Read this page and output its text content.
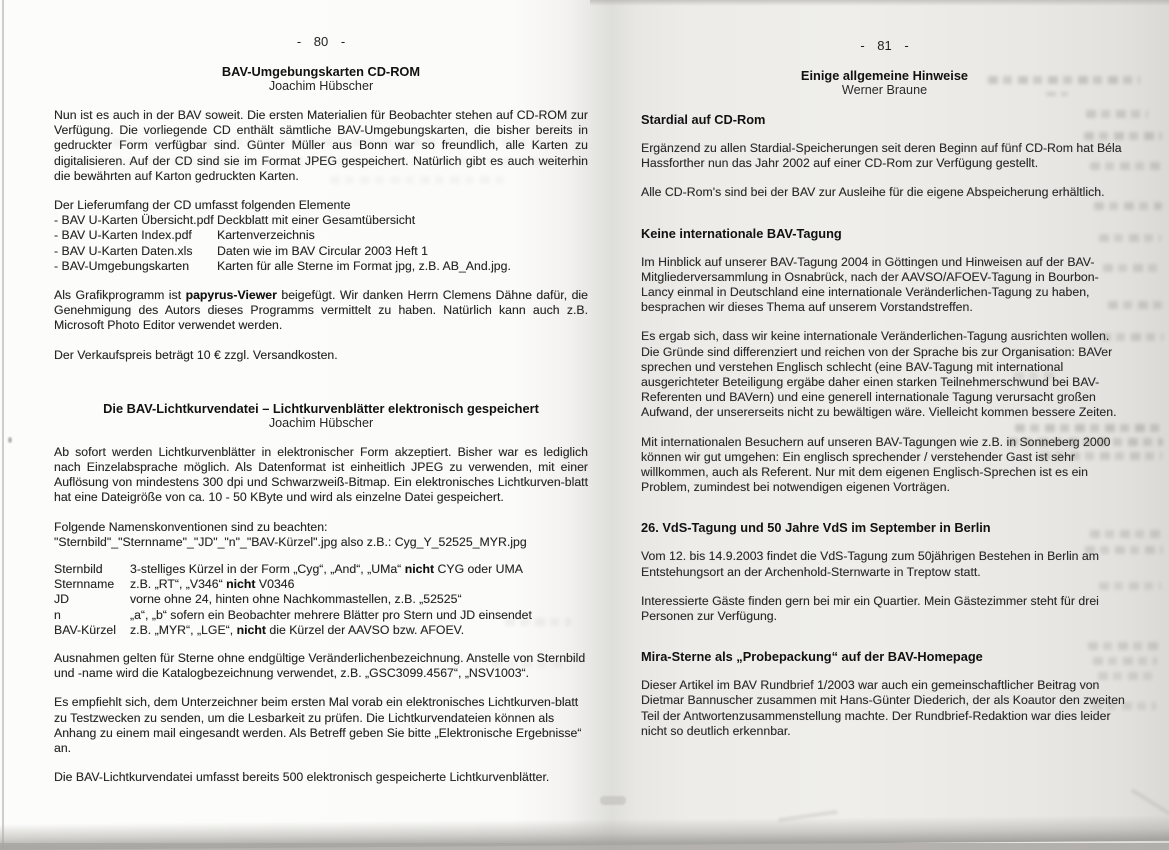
- 80 -
BAV-Umgebungskarten CD-ROM
Joachim Hübscher

Nun ist es auch in der BAV soweit. Die ersten Materialien für Beobachter stehen auf CD-ROM zur Verfügung. Die vorliegende CD enthält sämtliche BAV-Umgebungskarten, die bisher bereits in gedruckter Form verfügbar sind. Günter Müller aus Bonn war so freundlich, alle Karten zu digitalisieren. Auf der CD sind sie im Format JPEG gespeichert. Natürlich gibt es auch weiterhin die bewährten auf Karton gedruckten Karten.

Der Lieferumfang der CD umfasst folgenden Elemente

- BAV U-Karten Übersicht.pdf Deckblatt mit einer Gesamtübersicht
- BAV U-Karten Index.pdf	Kartenverzeichnis
- BAV U-Karten Daten.xls	Daten wie im BAV Circular 2003 Heft 1
- BAV-Umgebungskarten	Karten für alle Sterne im Format jpg, z.B. AB_And.jpg.

Als Grafikprogramm ist papyrus-Viewer beigefügt. Wir danken Herrn Clemens Dähne dafür, die Genehmigung des Autors dieses Programms vermittelt zu haben. Natürlich kann auch z.B. Microsoft Photo Editor verwendet werden.

Der Verkaufspreis beträgt 10 € zzgl. Versandkosten.

Die BAV-Lichtkurvendatei – Lichtkurvenblätter elektronisch gespeichert
Joachim Hübscher

Ab sofort werden Lichtkurvenblätter in elektronischer Form akzeptiert. Bisher war es lediglich nach Einzelabsprache möglich. Als Datenformat ist einheitlich JPEG zu verwenden, mit einer Auflösung von mindestens 300 dpi und Schwarzweiß-Bitmap. Ein elektronisches Lichtkurven-blatt hat eine Dateigröße von ca. 10 - 50 KByte und wird als einzelne Datei gespeichert.

Folgende Namenskonventionen sind zu beachten:

"Sternbild"_"Sternname"_"JD"_"n"_"BAV-Kürzel".jpg also z.B.: Cyg_Y_52525_MYR.jpg

Sternbild	3-stelliges Kürzel in der Form „Cyg“, „And“, „UMa“ nicht CYG oder UMA
Sternname	z.B. „RT“, „V346“ nicht V0346
JD	vorne ohne 24, hinten ohne Nachkommastellen, z.B. „52525“
n	„a“, „b“ sofern ein Beobachter mehrere Blätter pro Stern und JD einsendet
BAV-Kürzel	z.B. „MYR“, „LGE“, nicht die Kürzel der AAVSO bzw. AFOEV.

Ausnahmen gelten für Sterne ohne endgültige Veränderlichenbezeichnung. Anstelle von Sternbild und -name wird die Katalogbezeichnung verwendet, z.B. „GSC3099.4567“, „NSV1003“.

Es empfiehlt sich, dem Unterzeichner beim ersten Mal vorab ein elektronisches Lichtkurven-blatt zu Testzwecken zu senden, um die Lesbarkeit zu prüfen. Die Lichtkurvendateien können als Anhang zu einem mail eingesandt werden. Als Betreff geben Sie bitte „Elektronische Ergebnisse“ an.

Die BAV-Lichtkurvendatei umfasst bereits 500 elektronisch gespeicherte Lichtkurvenblätter.

- 81 -
Einige allgemeine Hinweise
Werner Braune
Stardial auf CD-Rom

Ergänzend zu allen Stardial-Speicherungen seit deren Beginn auf fünf CD-Rom hat Béla Hassforther nun das Jahr 2002 auf einer CD-Rom zur Verfügung gestellt.

Alle CD-Rom's sind bei der BAV zur Ausleihe für die eigene Abspeicherung erhältlich.

Keine internationale BAV-Tagung

Im Hinblick auf unserer BAV-Tagung 2004 in Göttingen und Hinweisen auf der BAV-Mitgliederversammlung in Osnabrück, nach der AAVSO/AFOEV-Tagung in Bourbon-Lancy einmal in Deutschland eine internationale Veränderlichen-Tagung zu haben, besprachen wir dieses Thema auf unserem Vorstandstreffen.

Es ergab sich, dass wir keine internationale Veränderlichen-Tagung ausrichten wollen. Die Gründe sind differenziert und reichen von der Sprache bis zur Organisation: BAVer sprechen und verstehen Englisch schlecht (eine BAV-Tagung mit international ausgerichteter Beteiligung ergäbe daher einen starken Teilnehmerschwund bei BAV-Referenten und BAVern) und eine generell internationale Tagung verursacht großen Aufwand, der unsererseits nicht zu bewältigen wäre. Vielleicht kommen bessere Zeiten.

Mit internationalen Besuchern auf unseren BAV-Tagungen wie z.B. in Sonneberg 2000 können wir gut umgehen: Ein englisch sprechender / verstehender Gast ist sehr willkommen, auch als Referent. Nur mit dem eigenen Englisch-Sprechen ist es ein Problem, zumindest bei notwendigen eigenen Vorträgen.

26. VdS-Tagung und 50 Jahre VdS im September in Berlin

Vom 12. bis 14.9.2003 findet die VdS-Tagung zum 50jährigen Bestehen in Berlin am Entstehungsort an der Archenhold-Sternwarte in Treptow statt.

Interessierte Gäste finden gern bei mir ein Quartier. Mein Gästezimmer steht für drei Personen zur Verfügung.

Mira-Sterne als „Probepackung“ auf der BAV-Homepage

Dieser Artikel im BAV Rundbrief 1/2003 war auch ein gemeinschaftlicher Beitrag von Dietmar Bannuscher zusammen mit Hans-Günter Diederich, der als Koautor den zweiten Teil der Antwortenzusammenstellung machte. Der Rundbrief-Redaktion war dies leider nicht so deutlich erkennbar.
